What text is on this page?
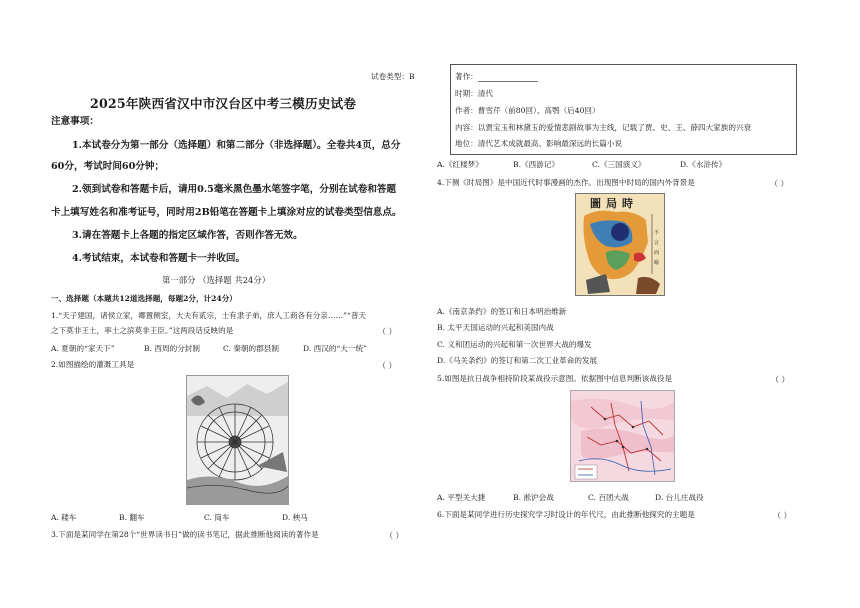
试卷类型：B
2025年陕西省汉中市汉台区中考三模历史试卷
注意事项：
1.本试卷分为第一部分（选择题）和第二部分（非选择题）。全卷共4页，总分
60分，考试时间60分钟；
2.领到试卷和答题卡后，请用0.5毫米黑色墨水笔签字笔，分别在试卷和答题
卡上填写姓名和准考证号，同时用2B铅笔在答题卡上填涂对应的试卷类型信息点。
3.请在答题卡上各题的指定区域作答，否则作答无效。
4.考试结束，本试卷和答题卡一并收回。
第一部分 （选择题 共24分）
一、选择题（本题共12道选择题，每题2分，计24分）
1.“天子建国，诸侯立家，卿置侧室，大夫有贰宗，士有隶子弟，庶人工商各有分亲……”“普天
之下莫非王土，率土之滨莫非王臣。”这两段话反映的是	（ ）
A. 夏朝的“家天下”	B. 西周的分封制	C. 秦朝的郡县制	D. 西汉的“大一统”
2.如图描绘的灌溉工具是	（ ）
A. 耧车	B. 翻车	C. 筒车	D. 秧马
3.下面是某同学在第28个“世界读书日”做的读书笔记，据此推断他阅读的著作是	（ ）
著作：
时期：清代
作者：曹雪芹（前80回）、高鹗（后40回）
内容：以贾宝玉和林黛玉的爱情悲剧故事为主线，记载了贾、史、王、薛四大家族的兴衰
地位：清代艺术成就最高、影响最深远的长篇小说
A.《红楼梦》	B.《西游记》	C.《三国演义》	D.《水浒传》
4.下侧《时局图》是中国近代时事漫画的杰作。出现图中时局的国内外背景是	（ ）
圖局時
不
言
而
喻
A.《南京条约》的签订和日本明治维新
B. 太平天国运动的兴起和美国内战
C. 义和团运动的兴起和第一次世界大战的爆发
D.《马关条约》的签订和第二次工业革命的发展
5.如图是抗日战争相持阶段某战役示意图。依据图中信息判断该战役是	（ ）
A. 平型关大捷	B. 淞沪会战	C. 百团大战	D. 台儿庄战役
6.下面是某同学进行历史探究学习时设计的年代尺，由此推断他探究的主题是	（ ）
